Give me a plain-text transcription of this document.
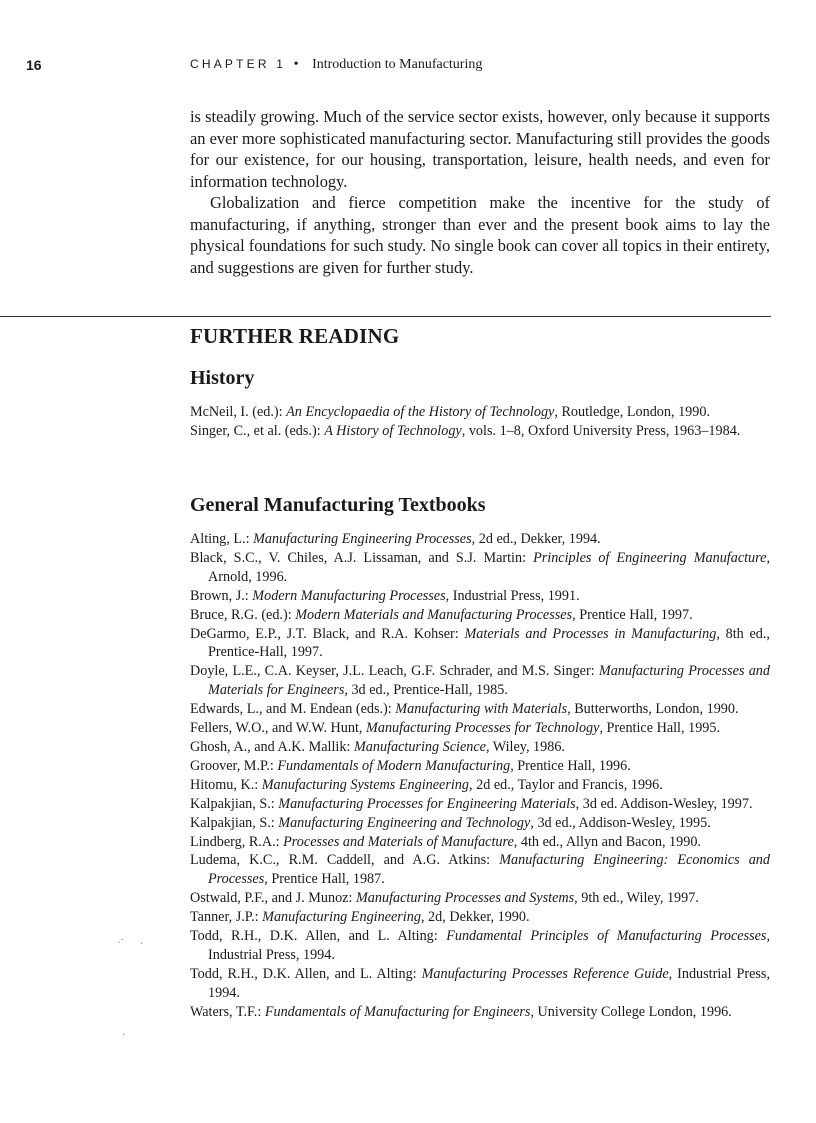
16	CHAPTER 1 • Introduction to Manufacturing

is steadily growing. Much of the service sector exists, however, only because it supports an ever more sophisticated manufacturing sector. Manufacturing still provides the goods for our existence, for our housing, transportation, leisure, health needs, and even for information technology.

Globalization and fierce competition make the incentive for the study of manufacturing, if anything, stronger than ever and the present book aims to lay the physical foundations for such study. No single book can cover all topics in their entirety, and suggestions are given for further study.

FURTHER READING
History
McNeil, I. (ed.): An Encyclopaedia of the History of Technology, Routledge, London, 1990.
Singer, C., et al. (eds.): A History of Technology, vols. 1–8, Oxford University Press, 1963–1984.
General Manufacturing Textbooks
Alting, L.: Manufacturing Engineering Processes, 2d ed., Dekker, 1994.
Black, S.C., V. Chiles, A.J. Lissaman, and S.J. Martin: Principles of Engineering Manufacture, Arnold, 1996.
Brown, J.: Modern Manufacturing Processes, Industrial Press, 1991.
Bruce, R.G. (ed.): Modern Materials and Manufacturing Processes, Prentice Hall, 1997.
DeGarmo, E.P., J.T. Black, and R.A. Kohser: Materials and Processes in Manufacturing, 8th ed., Prentice-Hall, 1997.
Doyle, L.E., C.A. Keyser, J.L. Leach, G.F. Schrader, and M.S. Singer: Manufacturing Processes and Materials for Engineers, 3d ed., Prentice-Hall, 1985.
Edwards, L., and M. Endean (eds.): Manufacturing with Materials, Butterworths, London, 1990.
Fellers, W.O., and W.W. Hunt, Manufacturing Processes for Technology, Prentice Hall, 1995.
Ghosh, A., and A.K. Mallik: Manufacturing Science, Wiley, 1986.
Groover, M.P.: Fundamentals of Modern Manufacturing, Prentice Hall, 1996.
Hitomu, K.: Manufacturing Systems Engineering, 2d ed., Taylor and Francis, 1996.
Kalpakjian, S.: Manufacturing Processes for Engineering Materials, 3d ed. Addison-Wesley, 1997.
Kalpakjian, S.: Manufacturing Engineering and Technology, 3d ed., Addison-Wesley, 1995.
Lindberg, R.A.: Processes and Materials of Manufacture, 4th ed., Allyn and Bacon, 1990.
Ludema, K.C., R.M. Caddell, and A.G. Atkins: Manufacturing Engineering: Economics and Processes, Prentice Hall, 1987.
Ostwald, P.F., and J. Munoz: Manufacturing Processes and Systems, 9th ed., Wiley, 1997.
Tanner, J.P.: Manufacturing Engineering, 2d, Dekker, 1990.
Todd, R.H., D.K. Allen, and L. Alting: Fundamental Principles of Manufacturing Processes, Industrial Press, 1994.
Todd, R.H., D.K. Allen, and L. Alting: Manufacturing Processes Reference Guide, Industrial Press, 1994.
Waters, T.F.: Fundamentals of Manufacturing for Engineers, University College London, 1996.
.· ·
·
